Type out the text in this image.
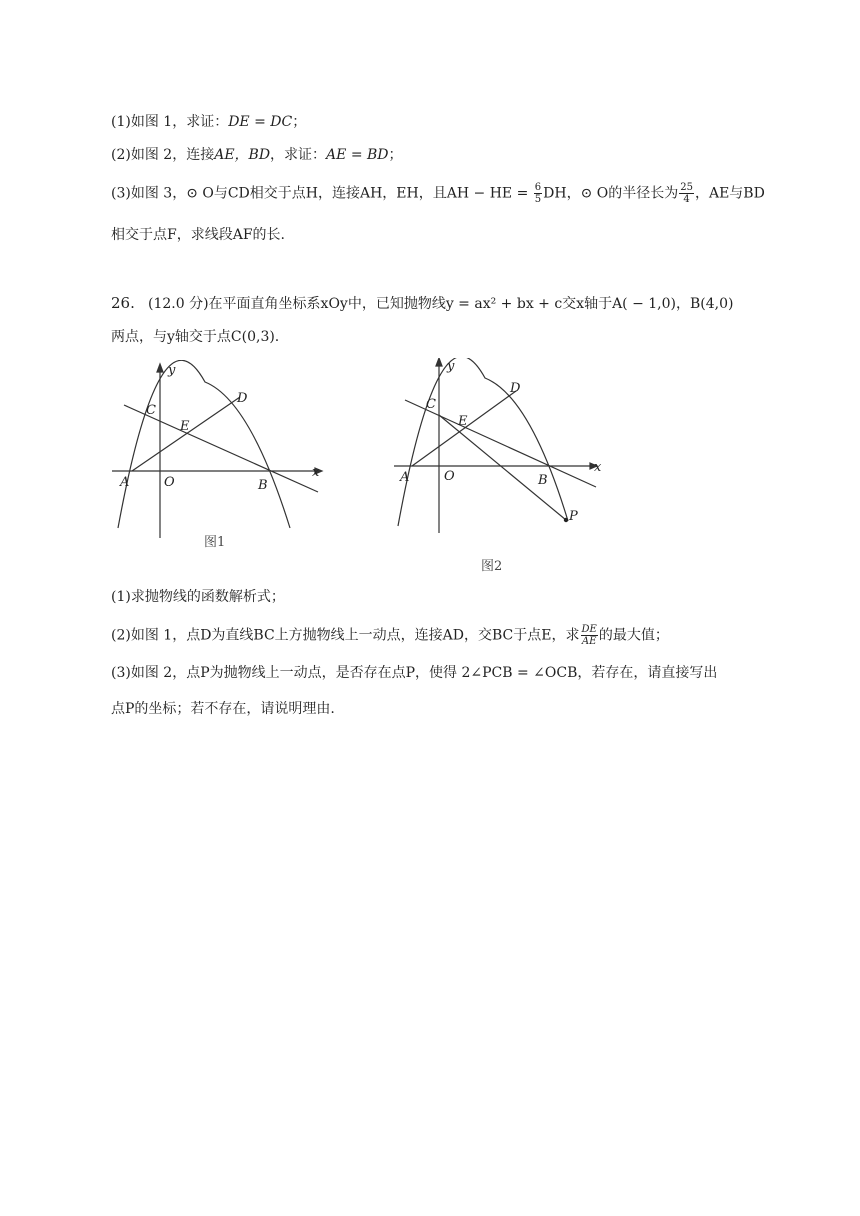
(1)如图 1，求证：DE = DC；
(2)如图 2，连接AE，BD，求证：AE = BD；
(3)如图 3，⊙ O与CD相交于点H，连接AH，EH，且AH − HE = $\frac{6}{5}$ DH，⊙ O的半径长为 $\frac{25}{4}$ ，AE与BD
相交于点F，求线段AF的长.
26. (12.0 分)在平面直角坐标系xOy中，已知抛物线y = ax² + bx + c交x轴于A( − 1,0)，B(4,0)
两点，与y轴交于点C(0,3).
y
x
C
D
E
A	O	B
图1
y
x
C
D
E
A	O	B
P
图2
(1)求抛物线的函数解析式；
(2)如图 1，点D为直线BC上方抛物线上一动点，连接AD，交BC于点E，求 $\frac{DE}{AE}$ 的最大值；
(3)如图 2，点P为抛物线上一动点，是否存在点P，使得 2∠PCB = ∠OCB，若存在，请直接写出
点P的坐标；若不存在，请说明理由.
